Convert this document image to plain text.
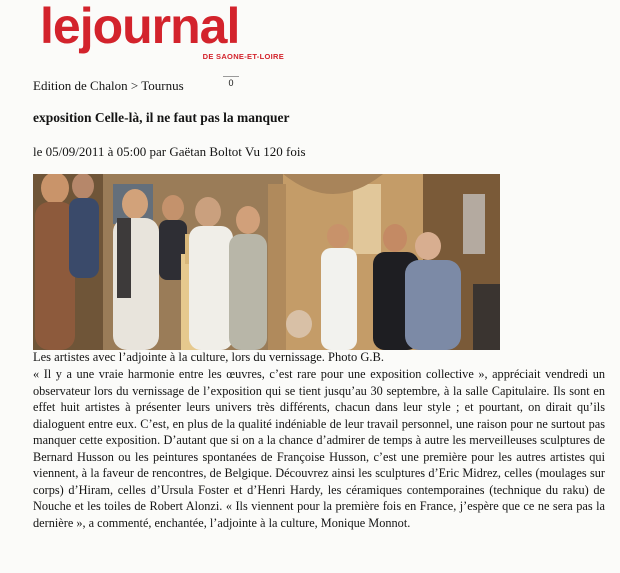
lejournal
DE SAONE-ET-LOIRE
Edition de Chalon > Tournus	0
exposition Celle-là, il ne faut pas la manquer
le 05/09/2011 à 05:00 par Gaëtan Boltot Vu 120 fois
Les artistes avec l’adjointe à la culture, lors du vernissage. Photo G.B.
« Il y a une vraie harmonie entre les œuvres, c’est rare pour une exposition collective », appréciait vendredi un observateur lors du vernissage de l’exposition qui se tient jusqu’au 30 septembre, à la salle Capitulaire. Ils sont en effet huit artistes à présenter leurs univers très différents, chacun dans leur style ; et pourtant, on dirait qu’ils dialoguent entre eux. C’est, en plus de la qualité indéniable de leur travail personnel, une raison pour ne surtout pas manquer cette exposition. D’autant que si on a la chance d’admirer de temps à autre les merveilleuses sculptures de Bernard Husson ou les peintures spontanées de Françoise Husson, c’est une première pour les autres artistes qui viennent, à la faveur de rencontres, de Belgique. Découvrez ainsi les sculptures d’Eric Midrez, celles (moulages sur corps) d’Hiram, celles d’Ursula Foster et d’Henri Hardy, les céramiques contemporaines (technique du raku) de Nouche et les toiles de Robert Alonzi. « Ils viennent pour la première fois en France, j’espère que ce ne sera pas la dernière », a commenté, enchantée, l’adjointe à la culture, Monique Monnot.
